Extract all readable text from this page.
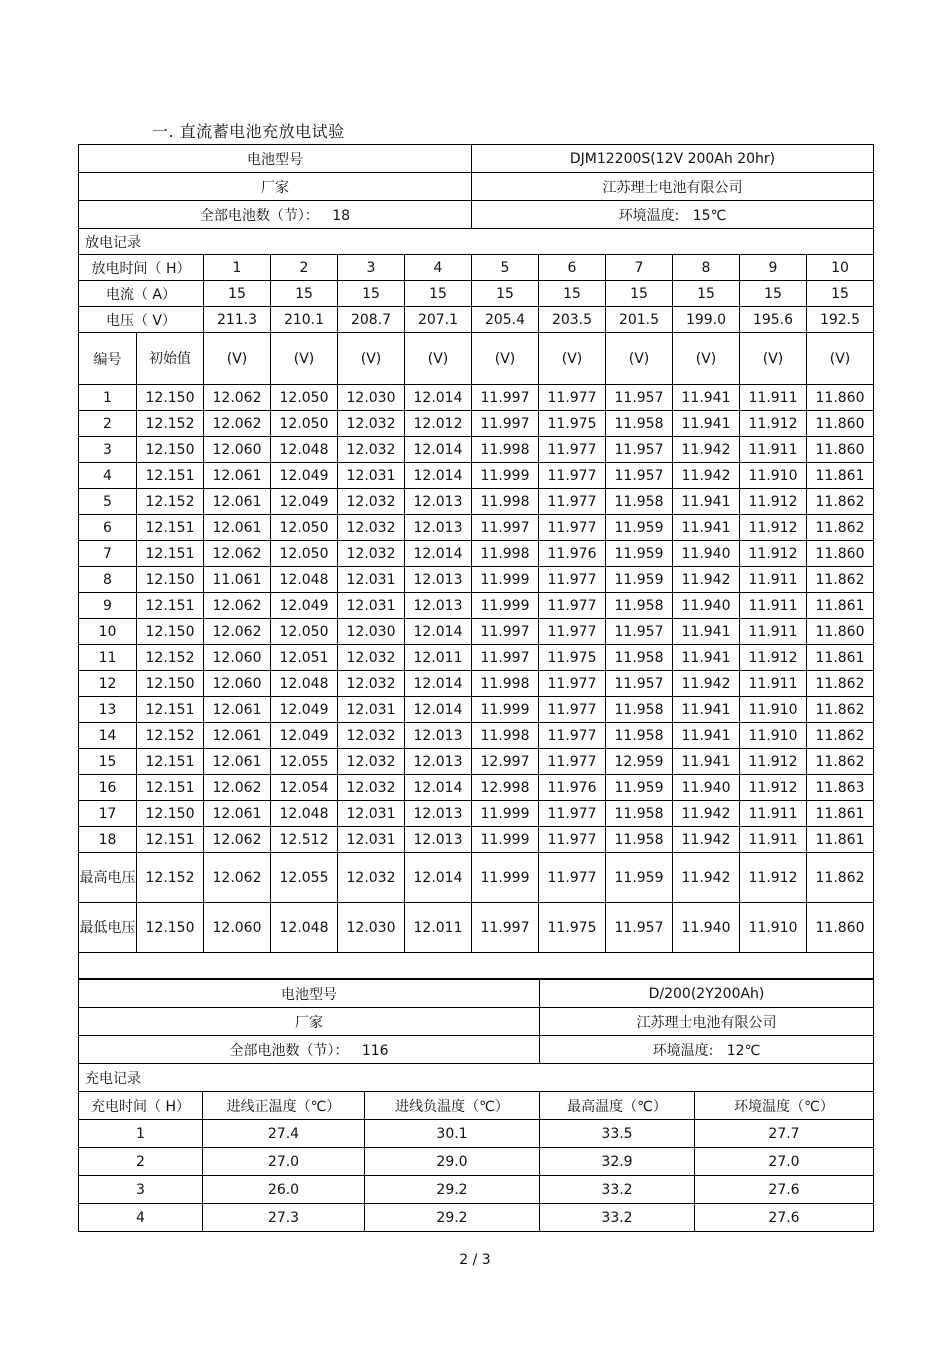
一. 直流蓄电池充放电试验
电池型号						DJM12200S(12V 200Ah 20hr)					
厂家						江苏理士电池有限公司					
全部电池数（节）： 18						环境温度: 15℃					
放电记录											
放电时间（ H）		1	2	3	4	5	6	7	8	9	10
电流（ A）		15	15	15	15	15	15	15	15	15	15
电压（ V）		211.3	210.1	208.7	207.1	205.4	203.5	201.5	199.0	195.6	192.5
编号	初始值	(V)	(V)	(V)	(V)	(V)	(V)	(V)	(V)	(V)	(V)
1	12.150	12.062	12.050	12.030	12.014	11.997	11.977	11.957	11.941	11.911	11.860
2	12.152	12.062	12.050	12.032	12.012	11.997	11.975	11.958	11.941	11.912	11.860
3	12.150	12.060	12.048	12.032	12.014	11.998	11.977	11.957	11.942	11.911	11.860
4	12.151	12.061	12.049	12.031	12.014	11.999	11.977	11.957	11.942	11.910	11.861
5	12.152	12.061	12.049	12.032	12.013	11.998	11.977	11.958	11.941	11.912	11.862
6	12.151	12.061	12.050	12.032	12.013	11.997	11.977	11.959	11.941	11.912	11.862
7	12.151	12.062	12.050	12.032	12.014	11.998	11.976	11.959	11.940	11.912	11.860
8	12.150	11.061	12.048	12.031	12.013	11.999	11.977	11.959	11.942	11.911	11.862
9	12.151	12.062	12.049	12.031	12.013	11.999	11.977	11.958	11.940	11.911	11.861
10	12.150	12.062	12.050	12.030	12.014	11.997	11.977	11.957	11.941	11.911	11.860
11	12.152	12.060	12.051	12.032	12.011	11.997	11.975	11.958	11.941	11.912	11.861
12	12.150	12.060	12.048	12.032	12.014	11.998	11.977	11.957	11.942	11.911	11.862
13	12.151	12.061	12.049	12.031	12.014	11.999	11.977	11.958	11.941	11.910	11.862
14	12.152	12.061	12.049	12.032	12.013	11.998	11.977	11.958	11.941	11.910	11.862
15	12.151	12.061	12.055	12.032	12.013	12.997	11.977	12.959	11.941	11.912	11.862
16	12.151	12.062	12.054	12.032	12.014	12.998	11.976	11.959	11.940	11.912	11.863
17	12.150	12.061	12.048	12.031	12.013	11.999	11.977	11.958	11.942	11.911	11.861
18	12.151	12.062	12.512	12.031	12.013	11.999	11.977	11.958	11.942	11.911	11.861
最高电压	12.152	12.062	12.055	12.032	12.014	11.999	11.977	11.959	11.942	11.912	11.862
最低电压	12.150	12.060	12.048	12.030	12.011	11.997	11.975	11.957	11.940	11.910	11.860

电池型号			D/200(2Y200Ah)	
厂家			江苏理士电池有限公司	
全部电池数（节）： 116			环境温度: 12℃	
充电记录				
充电时间（ H）	进线正温度（℃）	进线负温度（℃）	最高温度（℃）	环境温度（℃）
1	27.4	30.1	33.5	27.7
2	27.0	29.0	32.9	27.0
3	26.0	29.2	33.2	27.6
4	27.3	29.2	33.2	27.6
2 / 3
